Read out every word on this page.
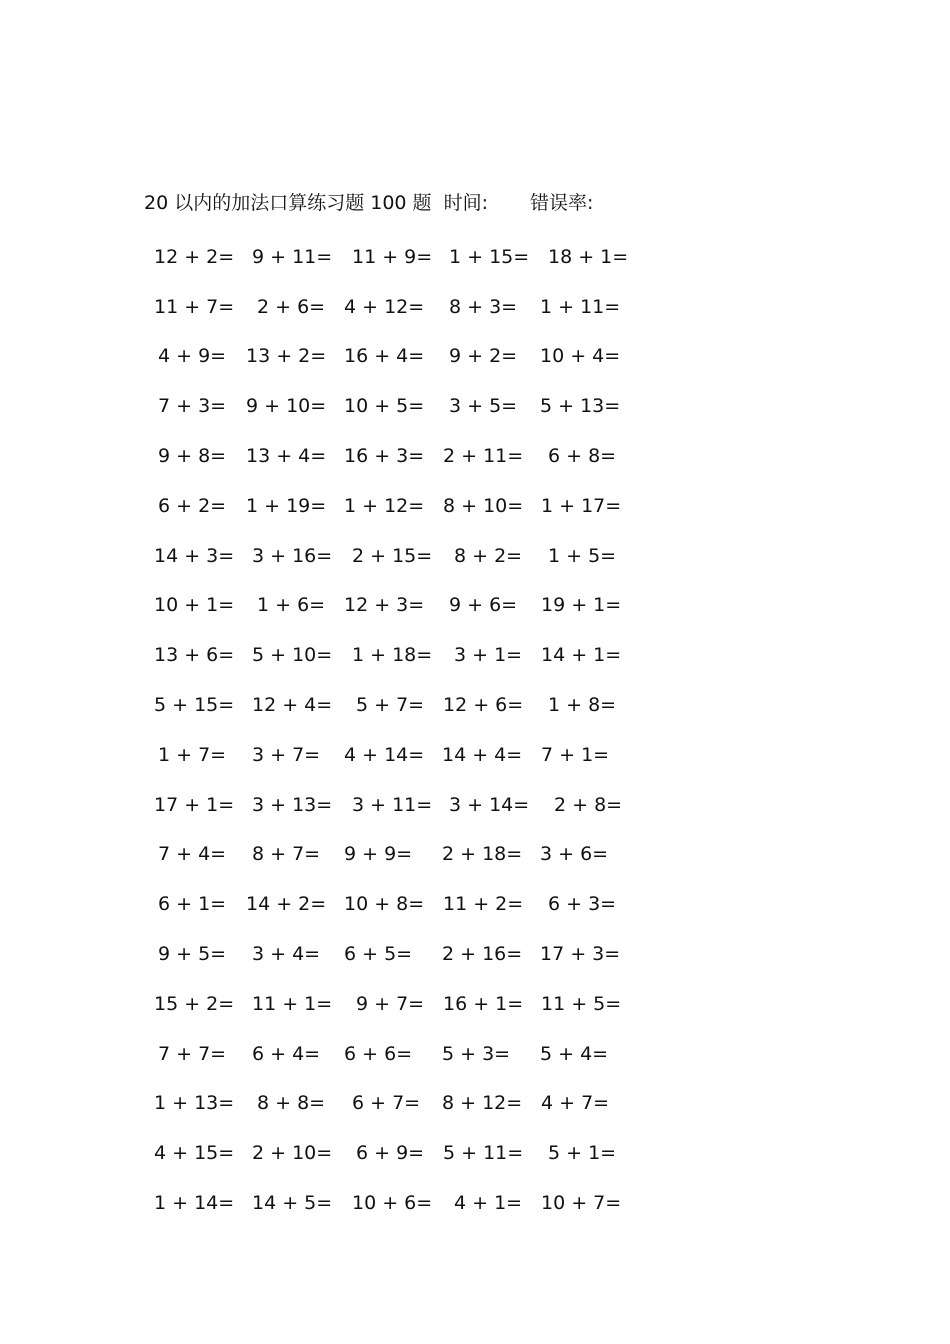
20 以内的加法口算练习题 100 题 时间: 错误率:
12 + 2= 9 + 11=	11 + 9= 1 + 15= 18 + 1=
11 + 7=	2 + 6= 4 + 12=	8 + 3=	1 + 11=
4 + 9=	13 + 2= 16 + 4=	9 + 2=	10 + 4=
7 + 3=	9 + 10= 10 + 5=	3 + 5=	5 + 13=
9 + 8=	13 + 4= 16 + 3= 2 + 11=	6 + 8=
6 + 2=	1 + 19= 1 + 12= 8 + 10= 1 + 17=
14 + 3= 3 + 16=	2 + 15=	8 + 2=	1 + 5=
10 + 1=	1 + 6= 12 + 3=	9 + 6=	19 + 1=
13 + 6= 5 + 10=	1 + 18=	3 + 1= 14 + 1=
5 + 15= 12 + 4=	5 + 7= 12 + 6=	1 + 8=
1 + 7=	3 + 7=	4 + 14= 14 + 4= 7 + 1=
17 + 1= 3 + 13=	3 + 11= 3 + 14=	2 + 8=
7 + 4=	8 + 7=	9 + 9=	2 + 18= 3 + 6=
6 + 1=	14 + 2= 10 + 8= 11 + 2=	6 + 3=
9 + 5=	3 + 4=	6 + 5=	2 + 16= 17 + 3=
15 + 2= 11 + 1=	9 + 7= 16 + 1= 11 + 5=
7 + 7=	6 + 4=	6 + 6=	5 + 3=	5 + 4=
1 + 13=	8 + 8=	6 + 7=	8 + 12= 4 + 7=
4 + 15= 2 + 10=	6 + 9= 5 + 11=	5 + 1=
1 + 14= 14 + 5=	10 + 6=	4 + 1= 10 + 7=
